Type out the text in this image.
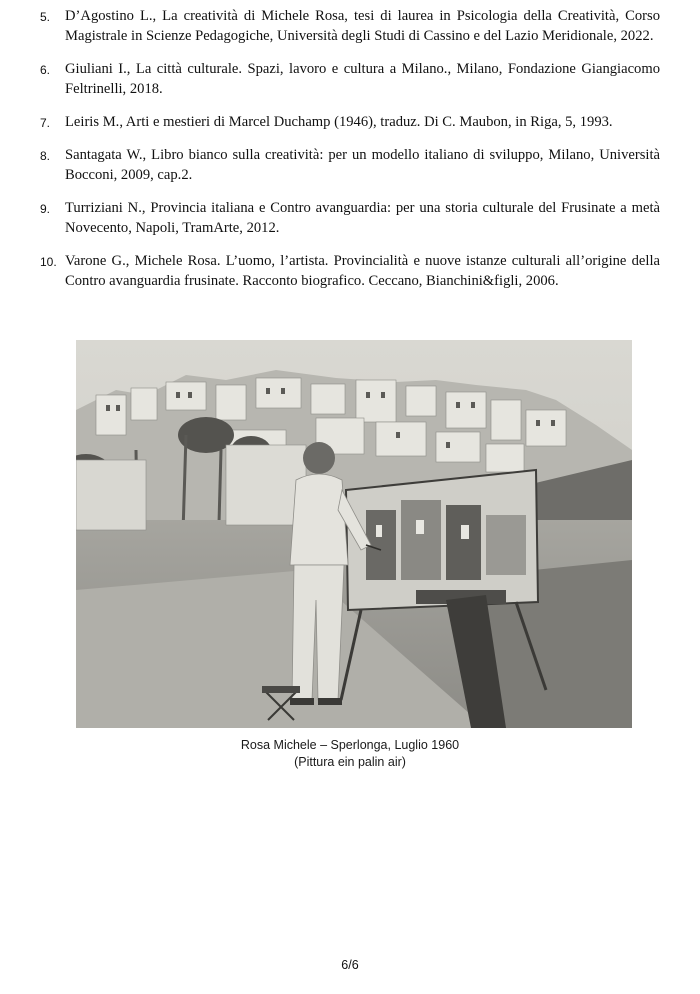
5. D’Agostino L., La creatività di Michele Rosa, tesi di laurea in Psicologia della Creatività, Corso Magistrale in Scienze Pedagogiche, Università degli Studi di Cassino e del Lazio Meridionale, 2022.
6. Giuliani I., La città culturale. Spazi, lavoro e cultura a Milano., Milano, Fondazione Giangiacomo Feltrinelli, 2018.
7. Leiris M., Arti e mestieri di Marcel Duchamp (1946), traduz. Di C. Maubon, in Riga, 5, 1993.
8. Santagata W., Libro bianco sulla creatività: per un modello italiano di sviluppo, Milano, Università Bocconi, 2009, cap.2.
9. Turriziani N., Provincia italiana e Contro avanguardia: per una storia culturale del Frusinate a metà Novecento, Napoli, TramArte, 2012.
10. Varone G., Michele Rosa. L’uomo, l’artista. Provincialità e nuove istanze culturali all’origine della Contro avanguardia frusinate. Racconto biografico. Ceccano, Bianchini&figli, 2006.
Rosa Michele – Sperlonga, Luglio 1960
(Pittura ein palin air)
6/6
